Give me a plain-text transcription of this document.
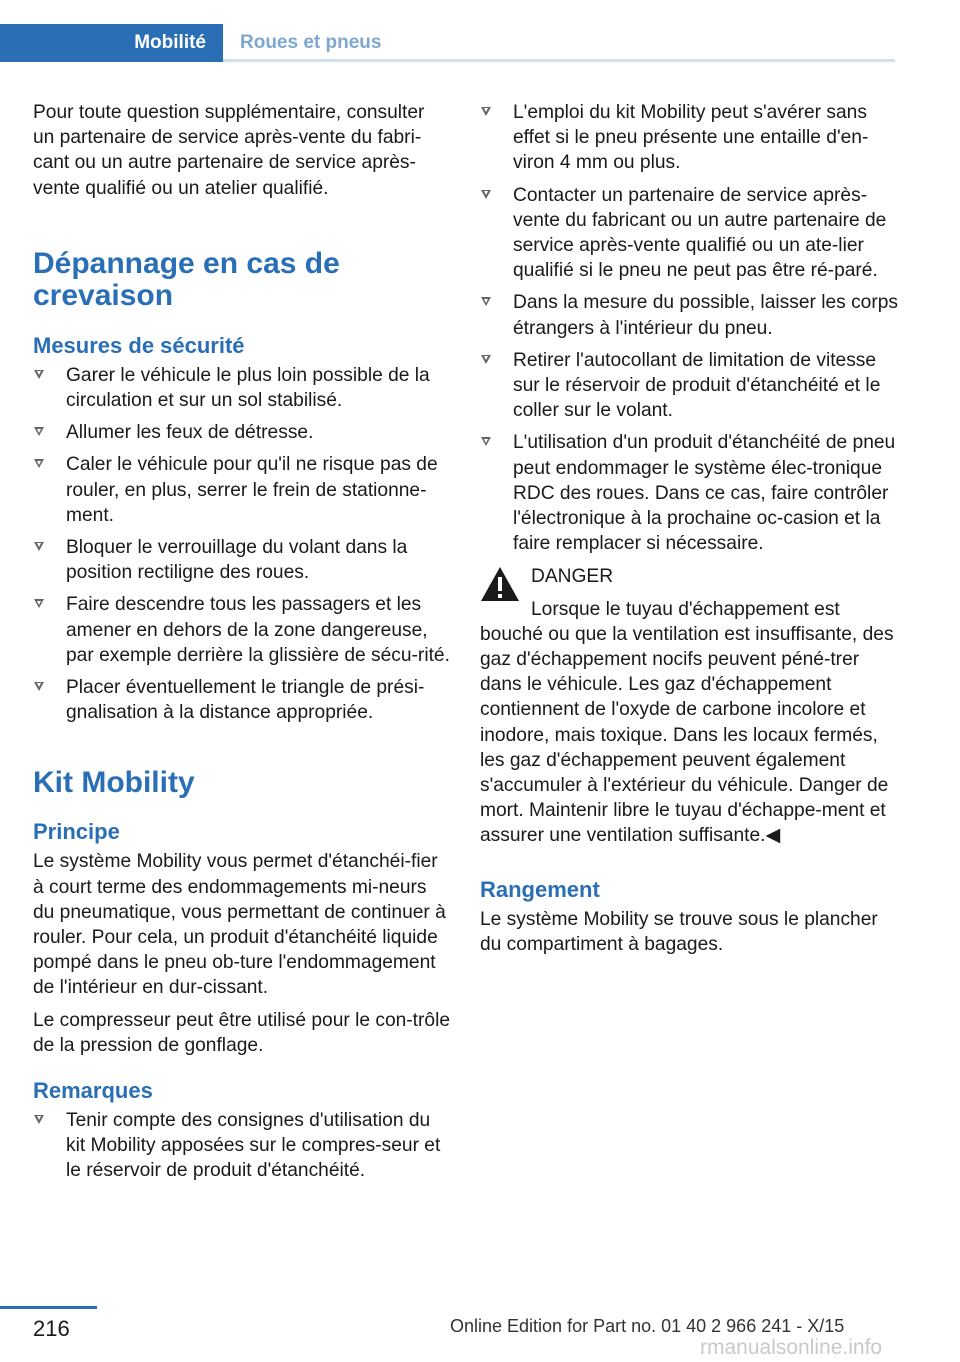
Mobilité	Roues et pneus

Pour toute question supplémentaire, consulter un partenaire de service après-vente du fabri-cant ou un autre partenaire de service après-vente qualifié ou un atelier qualifié.

Dépannage en cas de
crevaison
Mesures de sécurité
Garer le véhicule le plus loin possible de la circulation et sur un sol stabilisé.
Allumer les feux de détresse.
Caler le véhicule pour qu'il ne risque pas de rouler, en plus, serrer le frein de stationne-ment.
Bloquer le verrouillage du volant dans la position rectiligne des roues.
Faire descendre tous les passagers et les amener en dehors de la zone dangereuse, par exemple derrière la glissière de sécu-rité.
Placer éventuellement le triangle de prési-gnalisation à la distance appropriée.
Kit Mobility
Principe

Le système Mobility vous permet d'étanchéi-fier à court terme des endommagements mi-neurs du pneumatique, vous permettant de continuer à rouler. Pour cela, un produit d'étanchéité liquide pompé dans le pneu ob-ture l'endommagement de l'intérieur en dur-cissant.

Le compresseur peut être utilisé pour le con-trôle de la pression de gonflage.

Remarques
Tenir compte des consignes d'utilisation du kit Mobility apposées sur le compres-seur et le réservoir de produit d'étanchéité.
L'emploi du kit Mobility peut s'avérer sans effet si le pneu présente une entaille d'en-viron 4 mm ou plus.
Contacter un partenaire de service après-vente du fabricant ou un autre partenaire de service après-vente qualifié ou un ate-lier qualifié si le pneu ne peut pas être ré-paré.
Dans la mesure du possible, laisser les corps étrangers à l'intérieur du pneu.
Retirer l'autocollant de limitation de vitesse sur le réservoir de produit d'étanchéité et le coller sur le volant.
L'utilisation d'un produit d'étanchéité de pneu peut endommager le système élec-tronique RDC des roues. Dans ce cas, faire contrôler l'électronique à la prochaine oc-casion et la faire remplacer si nécessaire.
DANGER
Lorsque le tuyau d'échappement est
bouché ou que la ventilation est insuffisante, des gaz d'échappement nocifs peuvent péné-trer dans le véhicule. Les gaz d'échappement contiennent de l'oxyde de carbone incolore et inodore, mais toxique. Dans les locaux fermés, les gaz d'échappement peuvent également s'accumuler à l'extérieur du véhicule. Danger de mort. Maintenir libre le tuyau d'échappe-ment et assurer une ventilation suffisante.◀
Rangement

Le système Mobility se trouve sous le plancher du compartiment à bagages.

216	Online Edition for Part no. 01 40 2 966 241 - X/15
rmanualsonline.info
